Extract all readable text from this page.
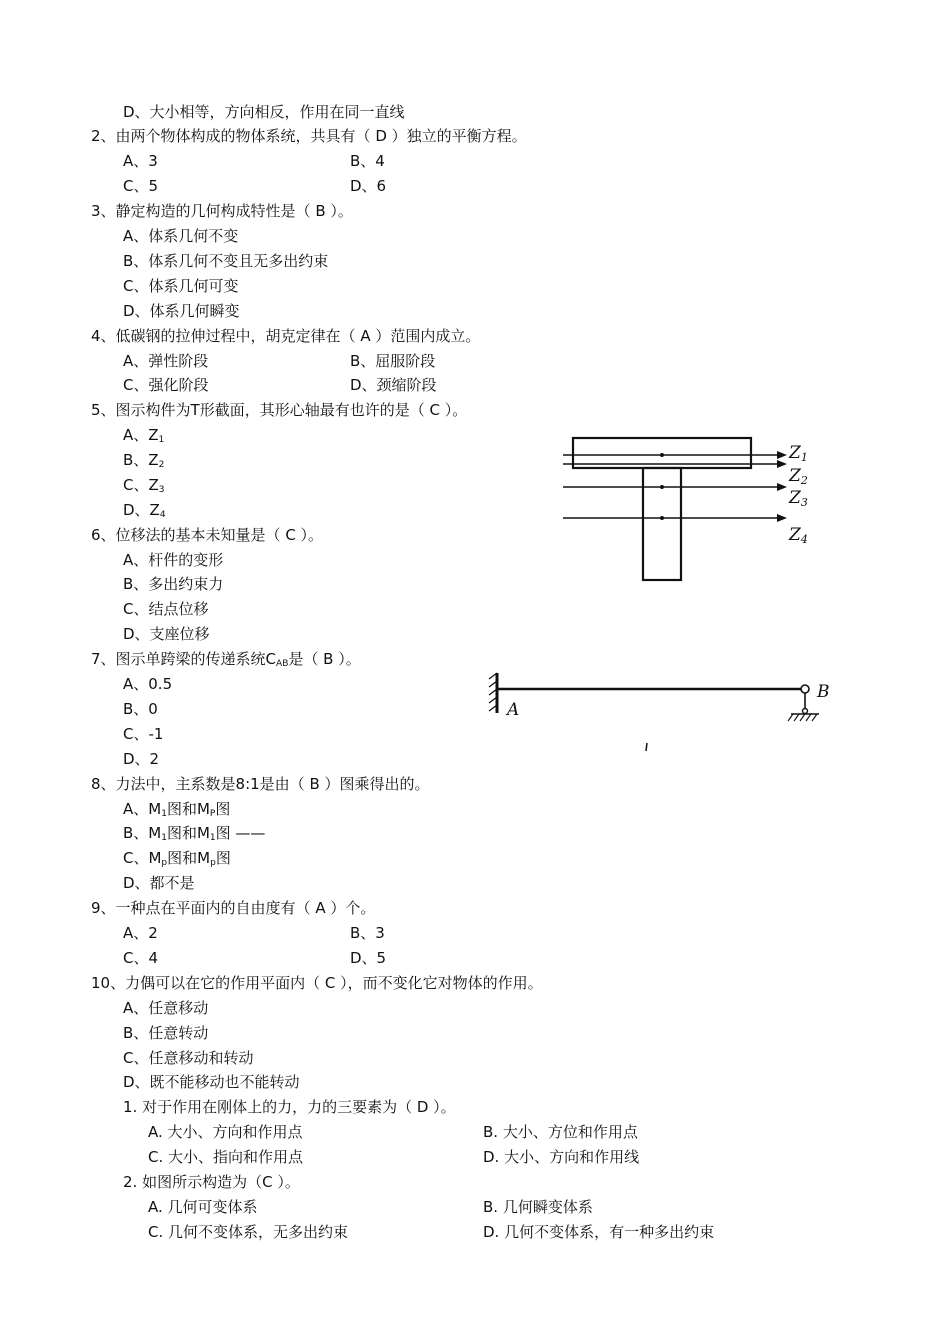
D、大小相等，方向相反，作用在同一直线
2、由两个物体构成的物体系统，共具有（ D ）独立的平衡方程。
A、3	B、4
C、5	D、6
3、静定构造的几何构成特性是（ B ）。
A、体系几何不变
B、体系几何不变且无多出约束
C、体系几何可变
D、体系几何瞬变
4、低碳钢的拉伸过程中，胡克定律在（ A ）范围内成立。
A、弹性阶段	B、屈服阶段
C、强化阶段	D、颈缩阶段
5、图示构件为T形截面，其形心轴最有也许的是（ C ）。
A、$Z_1$
B、$Z_2$
C、$Z_3$
D、$Z_4$
6、位移法的基本未知量是（ C ）。
A、杆件的变形
B、多出约束力
C、结点位移
D、支座位移
7、图示单跨梁的传递系统$C_{AB}$是（ B ）。
A、0.5
B、0
C、-1
D、2
8、力法中，主系数是8:1是由（ B ）图乘得出的。
A、$M_1$图和$M_P$图
B、$M_1$图和$M_1$图 ——
C、$M_p$图和$M_p$图
D、都不是
9、一种点在平面内的自由度有（ A ）个。
A、2	B、3
C、4	D、5
10、力偶可以在它的作用平面内（ C ），而不变化它对物体的作用。
A、任意移动
B、任意转动
C、任意移动和转动
D、既不能移动也不能转动
1. 对于作用在刚体上的力，力的三要素为（ D ）。
A. 大小、方向和作用点	B. 大小、方位和作用点
C. 大小、指向和作用点	D. 大小、方向和作用线
2. 如图所示构造为（C ）。
A. 几何可变体系	B. 几何瞬变体系
C. 几何不变体系，无多出约束	D. 几何不变体系，有一种多出约束
Z1
Z2
Z3
Z4
A
B
